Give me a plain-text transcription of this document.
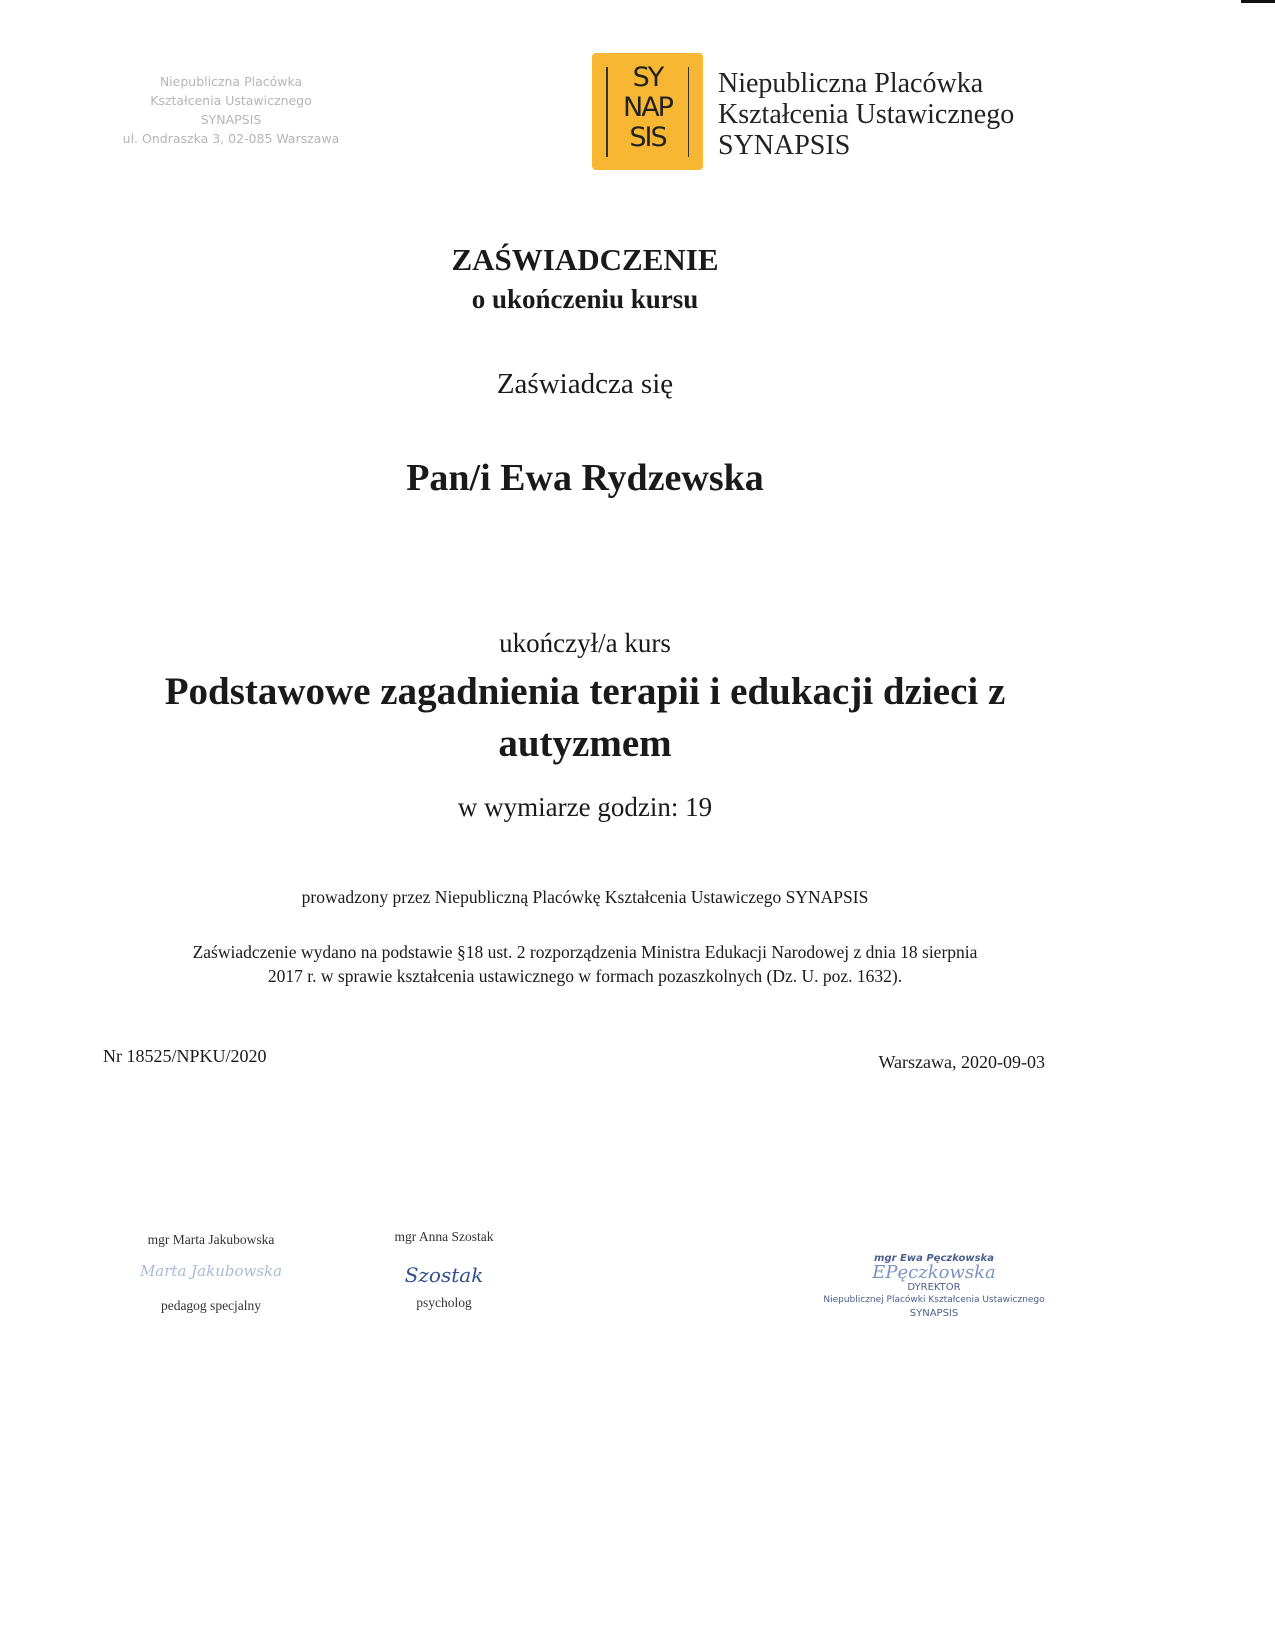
Niepubliczna Placówka
Kształcenia Ustawicznego
SYNAPSIS
ul. Ondraszka 3, 02-085 Warszawa
SY
NAP
SIS
Niepubliczna Placówka
Kształcenia Ustawicznego
SYNAPSIS
ZAŚWIADCZENIE
o ukończeniu kursu
Zaświadcza się
Pan/i Ewa Rydzewska
ukończył/a kurs
Podstawowe zagadnienia terapii i edukacji dzieci z
autyzmem
w wymiarze godzin: 19
prowadzony przez Niepubliczną Placówkę Kształcenia Ustawiczego SYNAPSIS
Zaświadczenie wydano na podstawie §18 ust. 2 rozporządzenia Ministra Edukacji Narodowej z dnia 18 sierpnia
2017 r. w sprawie kształcenia ustawicznego w formach pozaszkolnych (Dz. U. poz. 1632).
Nr 18525/NPKU/2020	Warszawa, 2020-09-03
mgr Marta Jakubowska
Marta Jakubowska
pedagog specjalny
mgr Anna Szostak
Szostak
psycholog
mgr Ewa Pęczkowska
EPęczkowska
DYREKTOR
Niepublicznej Placówki Kształcenia Ustawicznego
SYNAPSIS
